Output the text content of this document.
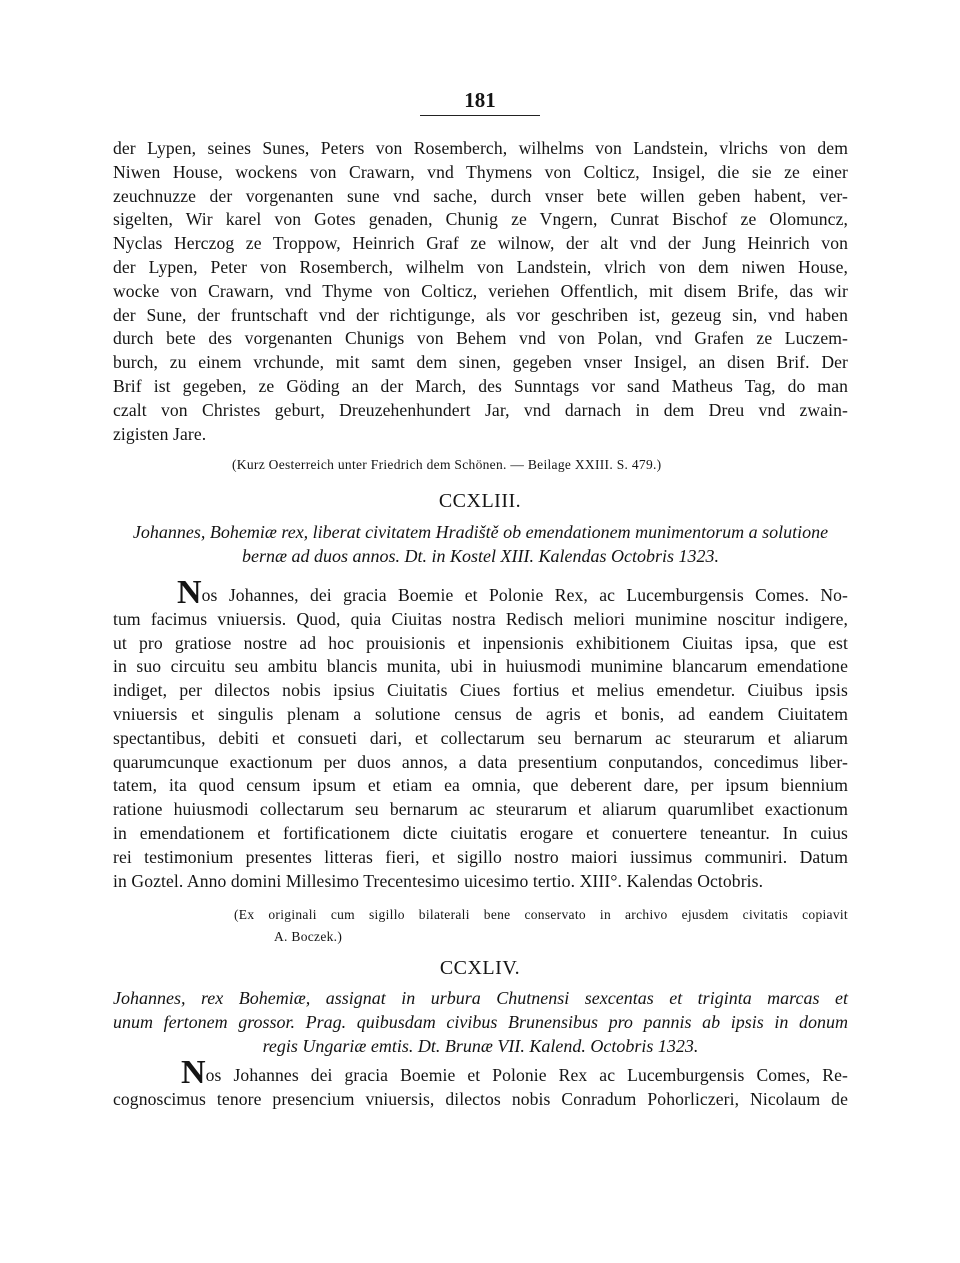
181
der Lypen, seines Sunes, Peters von Rosemberch, wilhelms von Landstein, vlrichs von dem
Niwen House, wockens von Crawarn, vnd Thymens von Colticz, Insigel, die sie ze einer
zeuchnuzze der vorgenanten sune vnd sache, durch vnser bete willen geben habent, ver-
sigelten, Wir karel von Gotes genaden, Chunig ze Vngern, Cunrat Bischof ze Olomuncz,
Nyclas Herczog ze Troppow, Heinrich Graf ze wilnow, der alt vnd der Jung Heinrich von
der Lypen, Peter von Rosemberch, wilhelm von Landstein, vlrich von dem niwen House,
wocke von Crawarn, vnd Thyme von Colticz, veriehen Offentlich, mit disem Brife, das wir
der Sune, der fruntschaft vnd der richtigunge, als vor geschriben ist, gezeug sin, vnd haben
durch bete des vorgenanten Chunigs von Behem vnd von Polan, vnd Grafen ze Luczem-
burch, zu einem vrchunde, mit samt dem sinen, gegeben vnser Insigel, an disen Brif. Der
Brif ist gegeben, ze Göding an der March, des Sunntags vor sand Matheus Tag, do man
czalt von Christes geburt, Dreuzehenhundert Jar, vnd darnach in dem Dreu vnd zwain-
zigisten Jare.
(Kurz Oesterreich unter Friedrich dem Schönen. — Beilage XXIII. S. 479.)
CCXLIII.
Johannes, Bohemiæ rex, liberat civitatem Hradiště ob emendationem munimentorum a solutione
bernæ ad duos annos. Dt. in Kostel XIII. Kalendas Octobris 1323.
Nos Johannes, dei gracia Boemie et Polonie Rex, ac Lucemburgensis Comes. No-
tum facimus vniuersis. Quod, quia Ciuitas nostra Redisch meliori munimine noscitur indigere,
ut pro gratiose nostre ad hoc prouisionis et inpensionis exhibitionem Ciuitas ipsa, que est
in suo circuitu seu ambitu blancis munita, ubi in huiusmodi munimine blancarum emendatione
indiget, per dilectos nobis ipsius Ciuitatis Ciues fortius et melius emendetur. Ciuibus ipsis
vniuersis et singulis plenam a solutione census de agris et bonis, ad eandem Ciuitatem
spectantibus, debiti et consueti dari, et collectarum seu bernarum ac steurarum et aliarum
quarumcunque exactionum per duos annos, a data presentium conputandos, concedimus liber-
tatem, ita quod censum ipsum et etiam ea omnia, que deberent dare, per ipsum biennium
ratione huiusmodi collectarum seu bernarum ac steurarum et aliarum quarumlibet exactionum
in emendationem et fortificationem dicte ciuitatis erogare et conuertere teneantur. In cuius
rei testimonium presentes litteras fieri, et sigillo nostro maiori iussimus communiri. Datum
in Goztel. Anno domini Millesimo Trecentesimo uicesimo tertio. XIII°. Kalendas Octobris.
(Ex originali cum sigillo bilaterali bene conservato in archivo ejusdem civitatis copiavit
A. Boczek.)
CCXLIV.
Johannes, rex Bohemiæ, assignat in urbura Chutnensi sexcentas et triginta marcas et
unum fertonem grossor. Prag. quibusdam civibus Brunensibus pro pannis ab ipsis in donum
regis Ungariæ emtis. Dt. Brunæ VII. Kalend. Octobris 1323.
Nos Johannes dei gracia Boemie et Polonie Rex ac Lucemburgensis Comes, Re-
cognoscimus tenore presencium vniuersis, dilectos nobis Conradum Pohorliczeri, Nicolaum de
